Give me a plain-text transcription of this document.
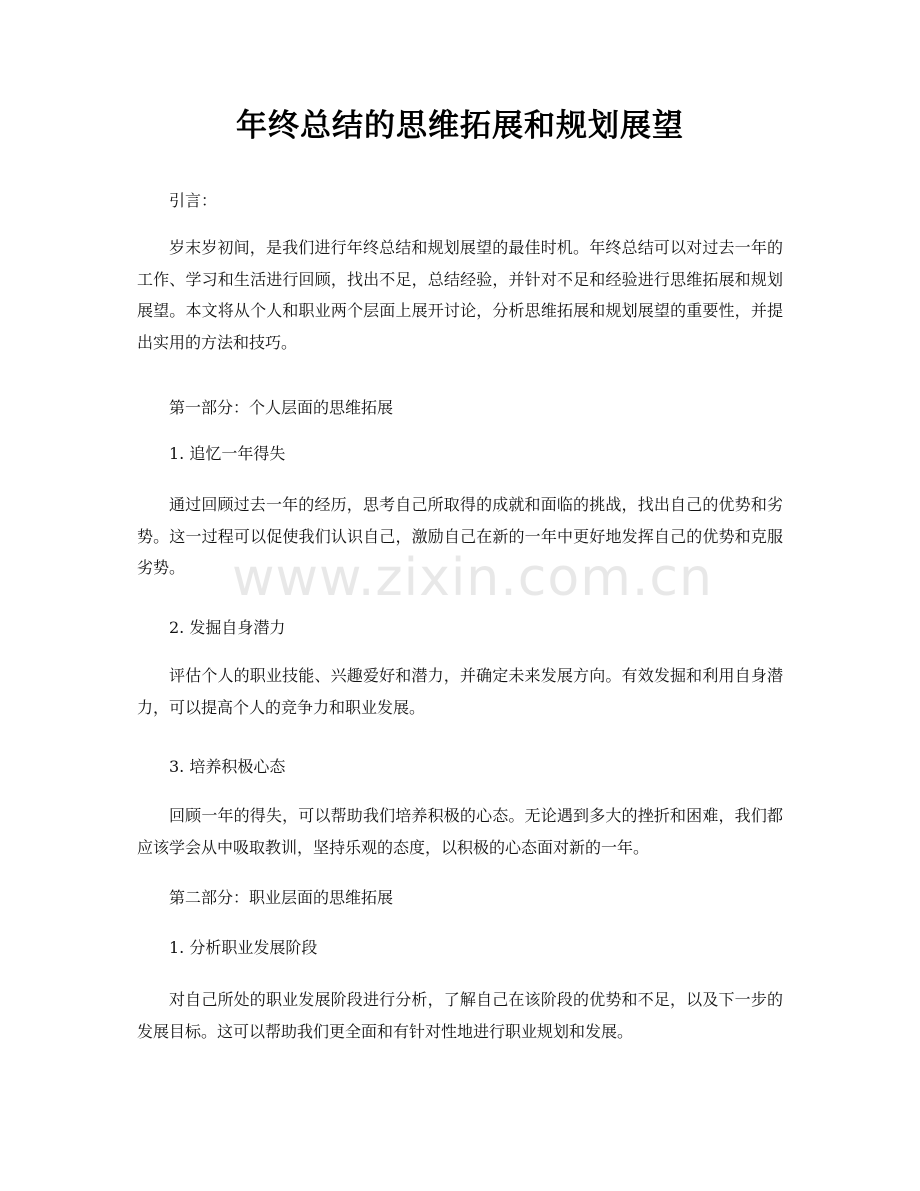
年终总结的思维拓展和规划展望
引言：
岁末岁初间，是我们进行年终总结和规划展望的最佳时机。年终总结可以对过去一年的工作、学习和生活进行回顾，找出不足，总结经验，并针对不足和经验进行思维拓展和规划展望。本文将从个人和职业两个层面上展开讨论，分析思维拓展和规划展望的重要性，并提出实用的方法和技巧。
第一部分：个人层面的思维拓展
1. 追忆一年得失
通过回顾过去一年的经历，思考自己所取得的成就和面临的挑战，找出自己的优势和劣势。这一过程可以促使我们认识自己，激励自己在新的一年中更好地发挥自己的优势和克服劣势。
2. 发掘自身潜力
评估个人的职业技能、兴趣爱好和潜力，并确定未来发展方向。有效发掘和利用自身潜力，可以提高个人的竞争力和职业发展。
3. 培养积极心态
回顾一年的得失，可以帮助我们培养积极的心态。无论遇到多大的挫折和困难，我们都应该学会从中吸取教训，坚持乐观的态度，以积极的心态面对新的一年。
第二部分：职业层面的思维拓展
1. 分析职业发展阶段
对自己所处的职业发展阶段进行分析，了解自己在该阶段的优势和不足，以及下一步的发展目标。这可以帮助我们更全面和有针对性地进行职业规划和发展。
www.zixin.com.cn
